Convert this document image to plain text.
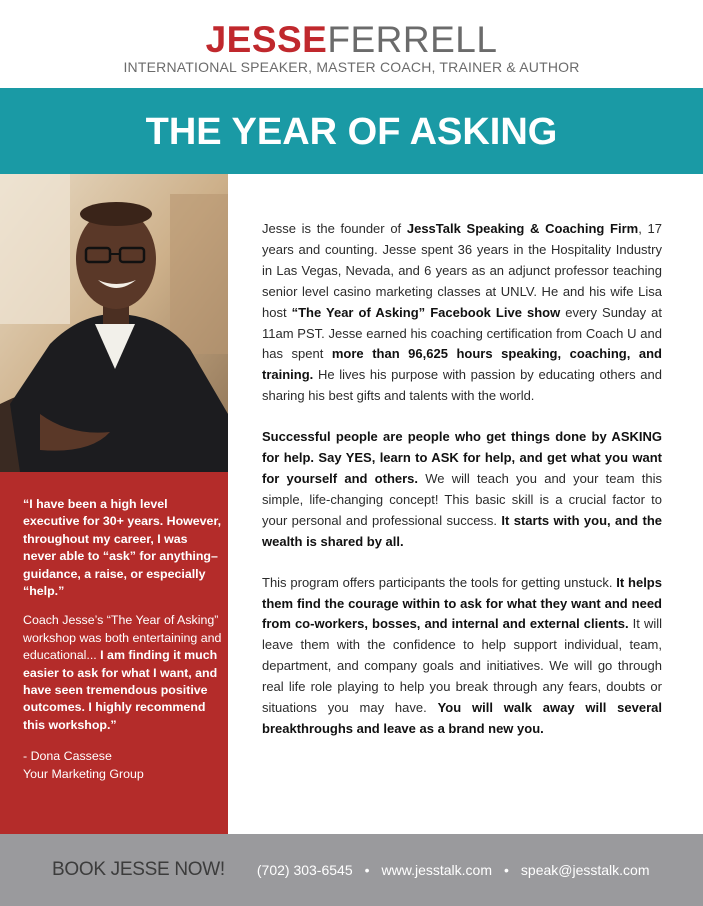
JESSEFERRELL
INTERNATIONAL SPEAKER, MASTER COACH, TRAINER & AUTHOR
THE YEAR OF ASKING

“I have been a high level executive for 30+ years. However, throughout my career, I was never able to “ask” for anything–guidance, a raise, or especially “help.”

Coach Jesse’s “The Year of Asking” workshop was both entertaining and educational... I am finding it much easier to ask for what I want, and have seen tremendous positive outcomes. I highly recommend this workshop.”

- Dona Cassese
Your Marketing Group

Jesse is the founder of JessTalk Speaking & Coaching Firm, 17 years and counting. Jesse spent 36 years in the Hospitality Industry in Las Vegas, Nevada, and 6 years as an adjunct professor teaching senior level casino marketing classes at UNLV. He and his wife Lisa host “The Year of Asking” Facebook Live show every Sunday at 11am PST. Jesse earned his coaching certification from Coach U and has spent more than 96,625 hours speaking, coaching, and training. He lives his purpose with passion by educating others and sharing his best gifts and talents with the world.

Successful people are people who get things done by ASKING for help. Say YES, learn to ASK for help, and get what you want for yourself and others. We will teach you and your team this simple, life-changing concept! This basic skill is a crucial factor to your personal and professional success. It starts with you, and the wealth is shared by all.

This program offers participants the tools for getting unstuck. It helps them find the courage within to ask for what they want and need from co-workers, bosses, and internal and external clients. It will leave them with the confidence to help support individual, team, department, and company goals and initiatives. We will go through real life role playing to help you break through any fears, doubts or situations you may have. You will walk away will several breakthroughs and leave as a brand new you.

BOOK JESSE NOW! (702) 303-6545 • www.jesstalk.com • speak@jesstalk.com
